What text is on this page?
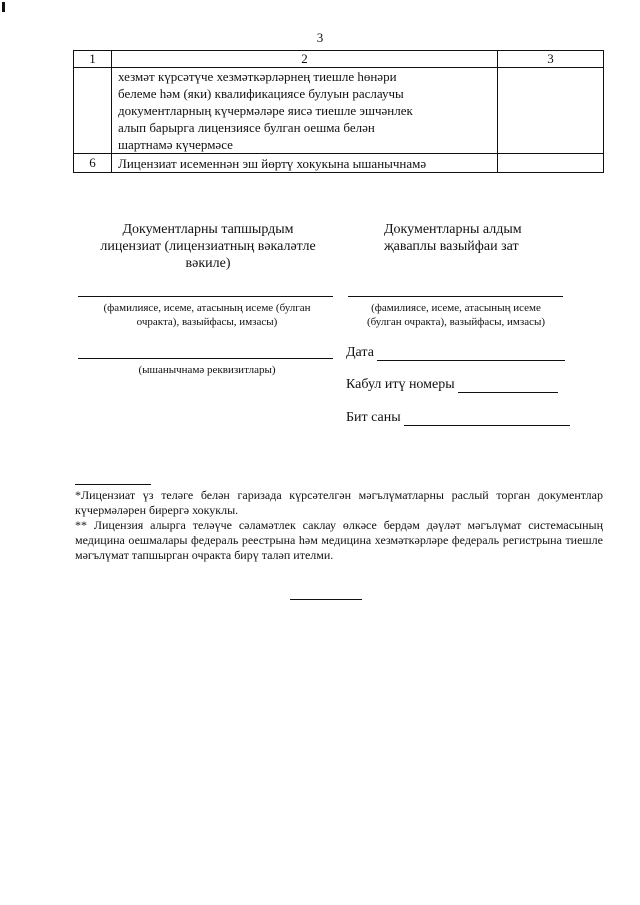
3
1	2	3

	хезмәт күрсәтүче хезмәткәрләрнең тиешле һөнәри
белеме һәм (яки) квалификациясе булуын раслаучы
документларның күчермәләре яисә тиешле эшчәнлек
алып барырга лицензиясе булган оешма белән
шартнамә күчермәсе	

6	Лицензиат исеменнән эш йөртү хокукына ышанычнамә	
Документларны тапшырдым
лицензиат (лицензиатның вәкаләтле
вәкиле)
(фамилиясе, исеме, атасының исеме (булган
очракта), вазыйфасы, имзасы)
(ышанычнамә реквизитлары)
Документларны алдым
җаваплы вазыйфаи зат
(фамилиясе, исеме, атасының исеме
(булган очракта), вазыйфасы, имзасы)
Дата
Кабул итү номеры
Бит саны

*Лицензиат үз теләге белән гаризада күрсәтелгән мәгълүматларны раслый торган документлар күчермәләрен бирергә хокуклы.

** Лицензия алырга теләүче сәламәтлек саклау өлкәсе бердәм дәүләт мәгълүмат системасының медицина оешмалары федераль реестрына һәм медицина хезмәткәрләре федераль регистрына тиешле мәгълүмат тапшырган очракта бирү таләп ителми.
